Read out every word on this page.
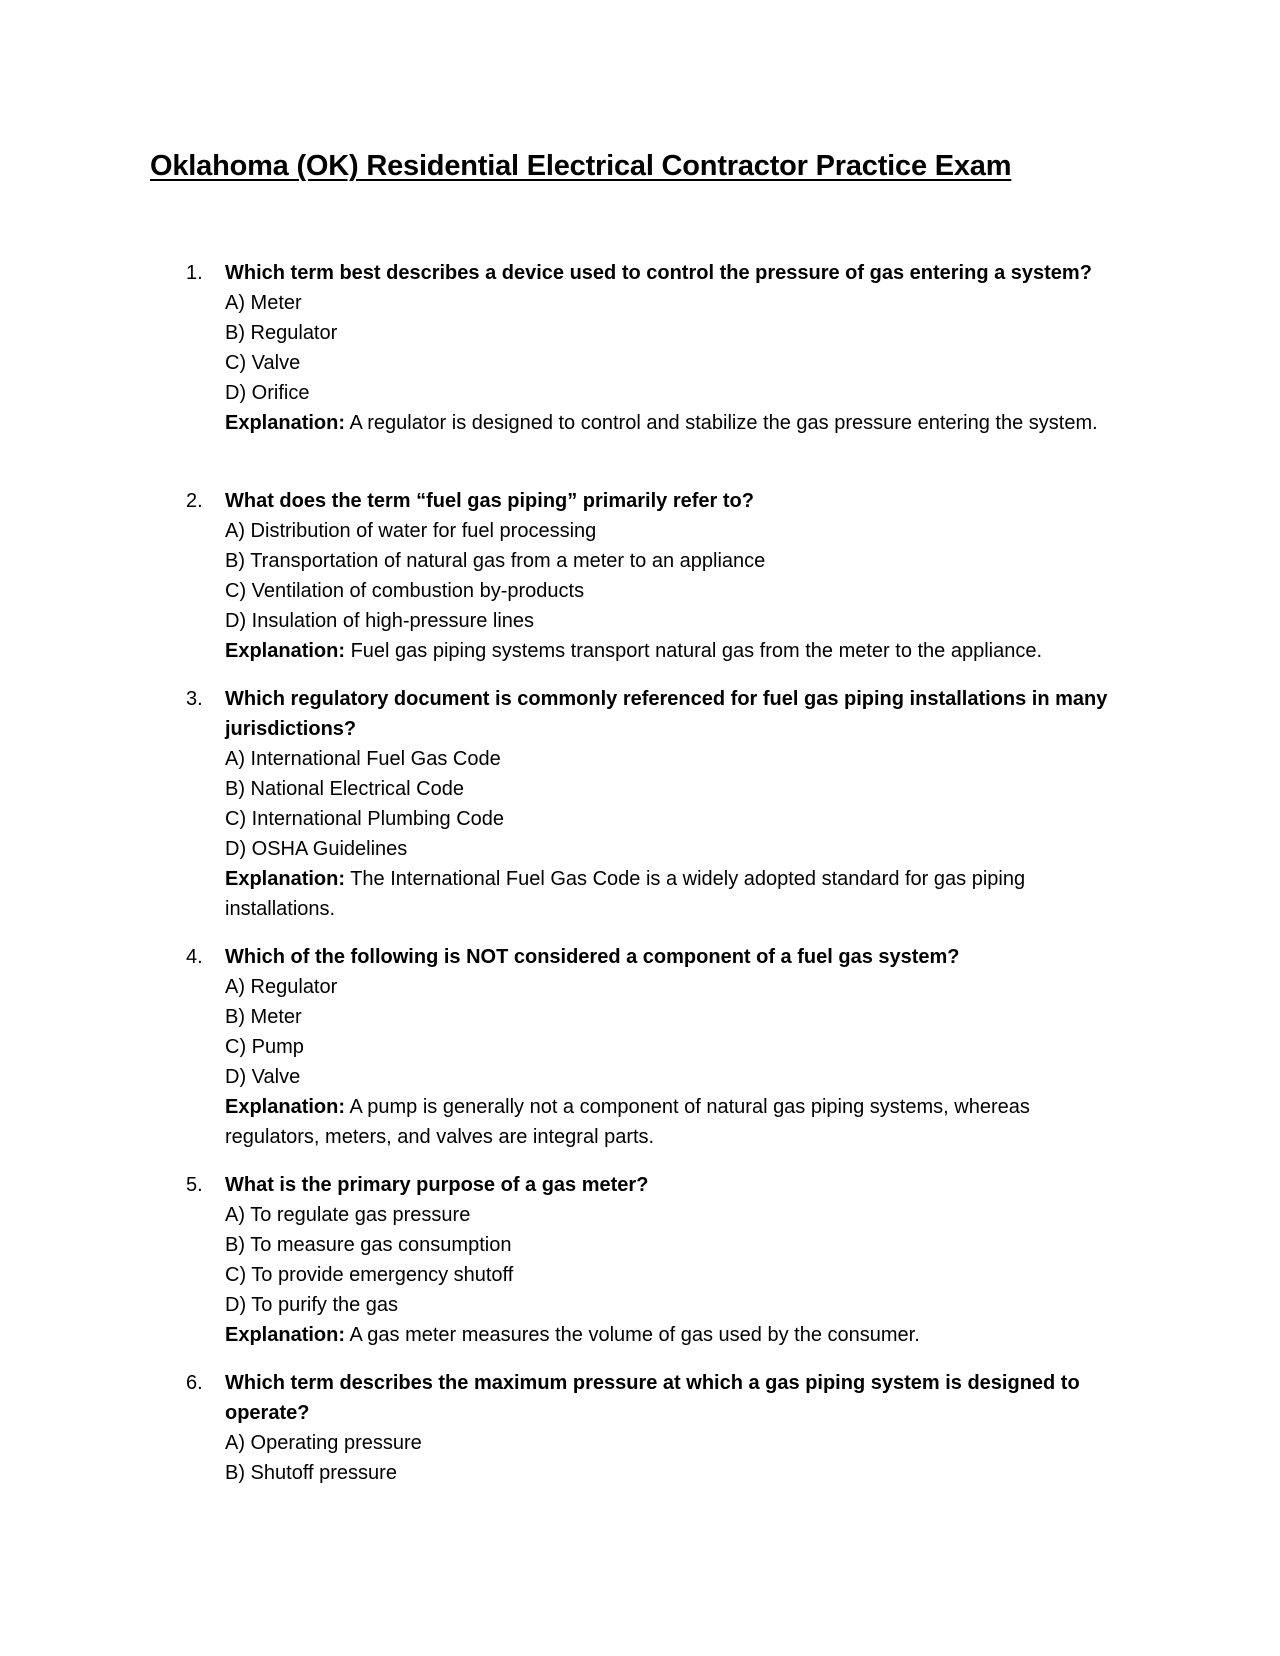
Oklahoma (OK) Residential Electrical Contractor Practice Exam
1. Which term best describes a device used to control the pressure of gas entering a system?

A) Meter
B) Regulator
C) Valve
D) Orifice

Explanation: A regulator is designed to control and stabilize the gas pressure entering the system.

2. What does the term “fuel gas piping” primarily refer to?

A) Distribution of water for fuel processing
B) Transportation of natural gas from a meter to an appliance
C) Ventilation of combustion by-products
D) Insulation of high-pressure lines

Explanation: Fuel gas piping systems transport natural gas from the meter to the appliance.

3. Which regulatory document is commonly referenced for fuel gas piping installations in many jurisdictions?

A) International Fuel Gas Code
B) National Electrical Code
C) International Plumbing Code
D) OSHA Guidelines

Explanation: The International Fuel Gas Code is a widely adopted standard for gas piping installations.

4. Which of the following is NOT considered a component of a fuel gas system?

A) Regulator
B) Meter
C) Pump
D) Valve

Explanation: A pump is generally not a component of natural gas piping systems, whereas regulators, meters, and valves are integral parts.

5. What is the primary purpose of a gas meter?

A) To regulate gas pressure
B) To measure gas consumption
C) To provide emergency shutoff
D) To purify the gas

Explanation: A gas meter measures the volume of gas used by the consumer.

6. Which term describes the maximum pressure at which a gas piping system is designed to operate?

A) Operating pressure
B) Shutoff pressure
